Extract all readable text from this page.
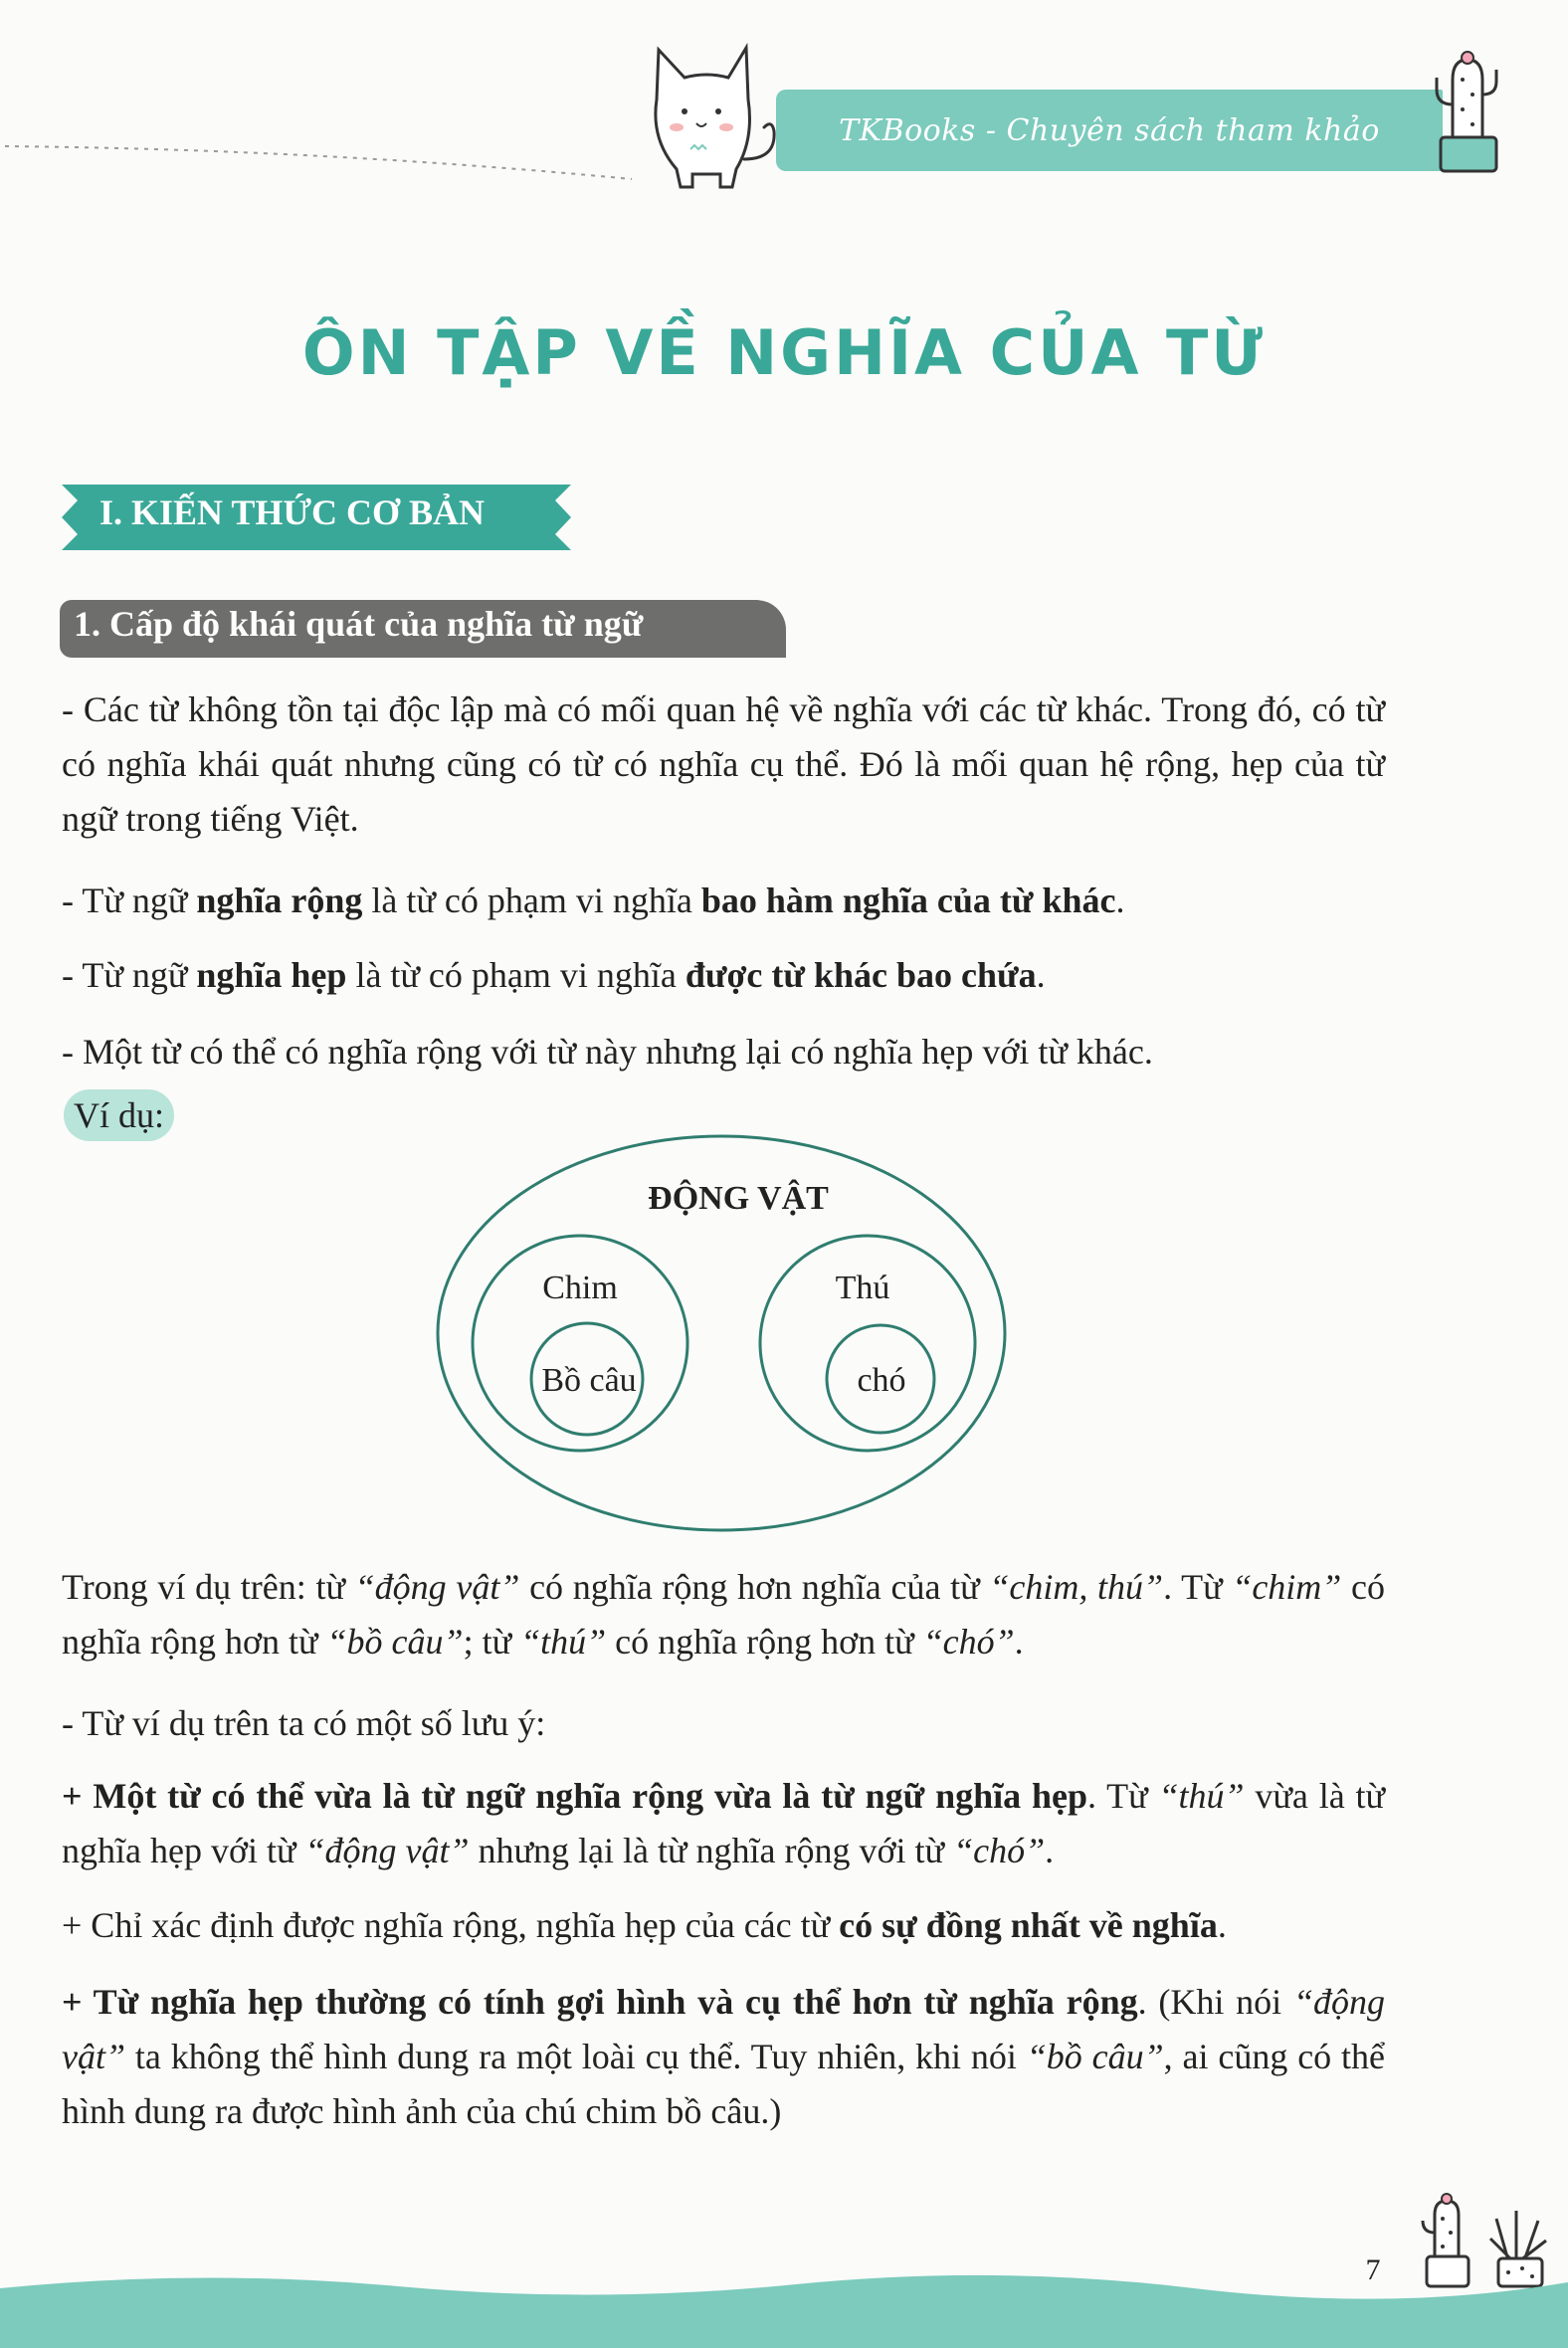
TKBooks - Chuyên sách tham khảo
ÔN TẬP VỀ NGHĨA CỦA TỪ
I. KIẾN THỨC CƠ BẢN
1. Cấp độ khái quát của nghĩa từ ngữ
- Các từ không tồn tại độc lập mà có mối quan hệ về nghĩa với các từ khác. Trong đó, có từ có nghĩa khái quát nhưng cũng có từ có nghĩa cụ thể. Đó là mối quan hệ rộng, hẹp của từ ngữ trong tiếng Việt.
- Từ ngữ nghĩa rộng là từ có phạm vi nghĩa bao hàm nghĩa của từ khác.
- Từ ngữ nghĩa hẹp là từ có phạm vi nghĩa được từ khác bao chứa.
- Một từ có thể có nghĩa rộng với từ này nhưng lại có nghĩa hẹp với từ khác.
Ví dụ:
ĐỘNG VẬT
Chim
Bồ câu
Thú
chó
Trong ví dụ trên: từ “động vật” có nghĩa rộng hơn nghĩa của từ “chim, thú”. Từ “chim” có nghĩa rộng hơn từ “bồ câu”; từ “thú” có nghĩa rộng hơn từ “chó”.
- Từ ví dụ trên ta có một số lưu ý:
+ Một từ có thể vừa là từ ngữ nghĩa rộng vừa là từ ngữ nghĩa hẹp. Từ “thú” vừa là từ nghĩa hẹp với từ “động vật” nhưng lại là từ nghĩa rộng với từ “chó”.
+ Chỉ xác định được nghĩa rộng, nghĩa hẹp của các từ có sự đồng nhất về nghĩa.
+ Từ nghĩa hẹp thường có tính gợi hình và cụ thể hơn từ nghĩa rộng. (Khi nói “động vật” ta không thể hình dung ra một loài cụ thể. Tuy nhiên, khi nói “bồ câu”, ai cũng có thể hình dung ra được hình ảnh của chú chim bồ câu.)
7
